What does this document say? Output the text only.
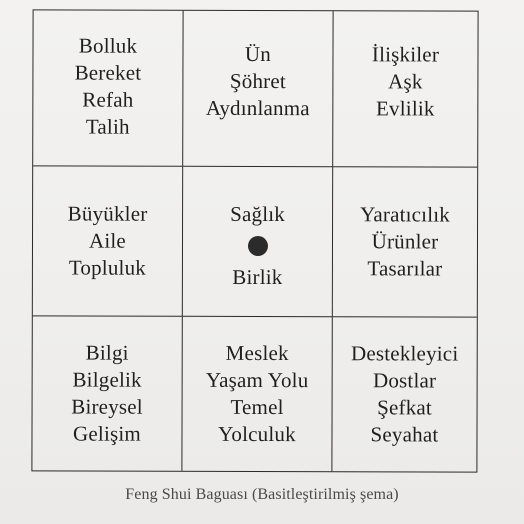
Bolluk
Bereket
Refah
Talih
Ün
Şöhret
Aydınlanma
İlişkiler
Aşk
Evlilik
Büyükler
Aile
Topluluk
Sağlık
Birlik
Yaratıcılık
Ürünler
Tasarılar
Bilgi
Bilgelik
Bireysel
Gelişim
Meslek
Yaşam Yolu
Temel
Yolculuk
Destekleyici
Dostlar
Şefkat
Seyahat
Feng Shui Baguası (Basitleştirilmiş şema)
